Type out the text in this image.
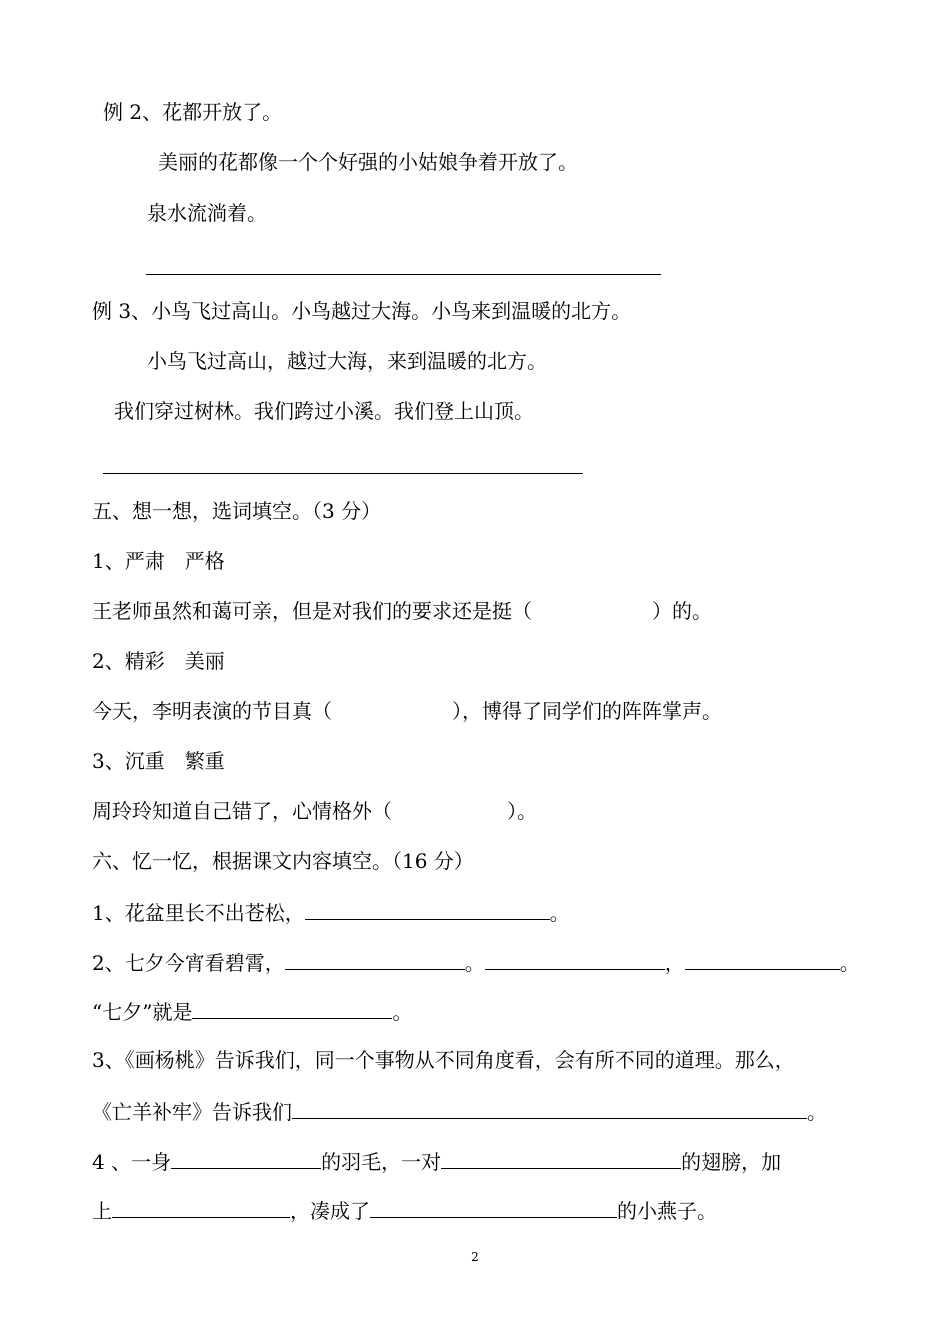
例 2、花都开放了。
美丽的花都像一个个好强的小姑娘争着开放了。
泉水流淌着。
例 3、小鸟飞过高山。小鸟越过大海。小鸟来到温暖的北方。
小鸟飞过高山，越过大海，来到温暖的北方。
我们穿过树林。我们跨过小溪。我们登上山顶。
五、想一想，选词填空。（3 分）
1、严肃　严格
王老师虽然和蔼可亲，但是对我们的要求还是挺（	）的。
2、精彩　美丽
今天，李明表演的节目真（	），博得了同学们的阵阵掌声。
3、沉重　繁重
周玲玲知道自己错了，心情格外（	）。
六、忆一忆，根据课文内容填空。（16 分）
1、花盆里长不出苍松，	。
2、七夕今宵看碧霄，	。	，	。
“七夕”就是	。
3、《画杨桃》告诉我们，同一个事物从不同角度看，会有所不同的道理。那么，
《亡羊补牢》告诉我们	。
4 、一身	的羽毛，一对	的翅膀，加
上	，凑成了	的小燕子。
2
